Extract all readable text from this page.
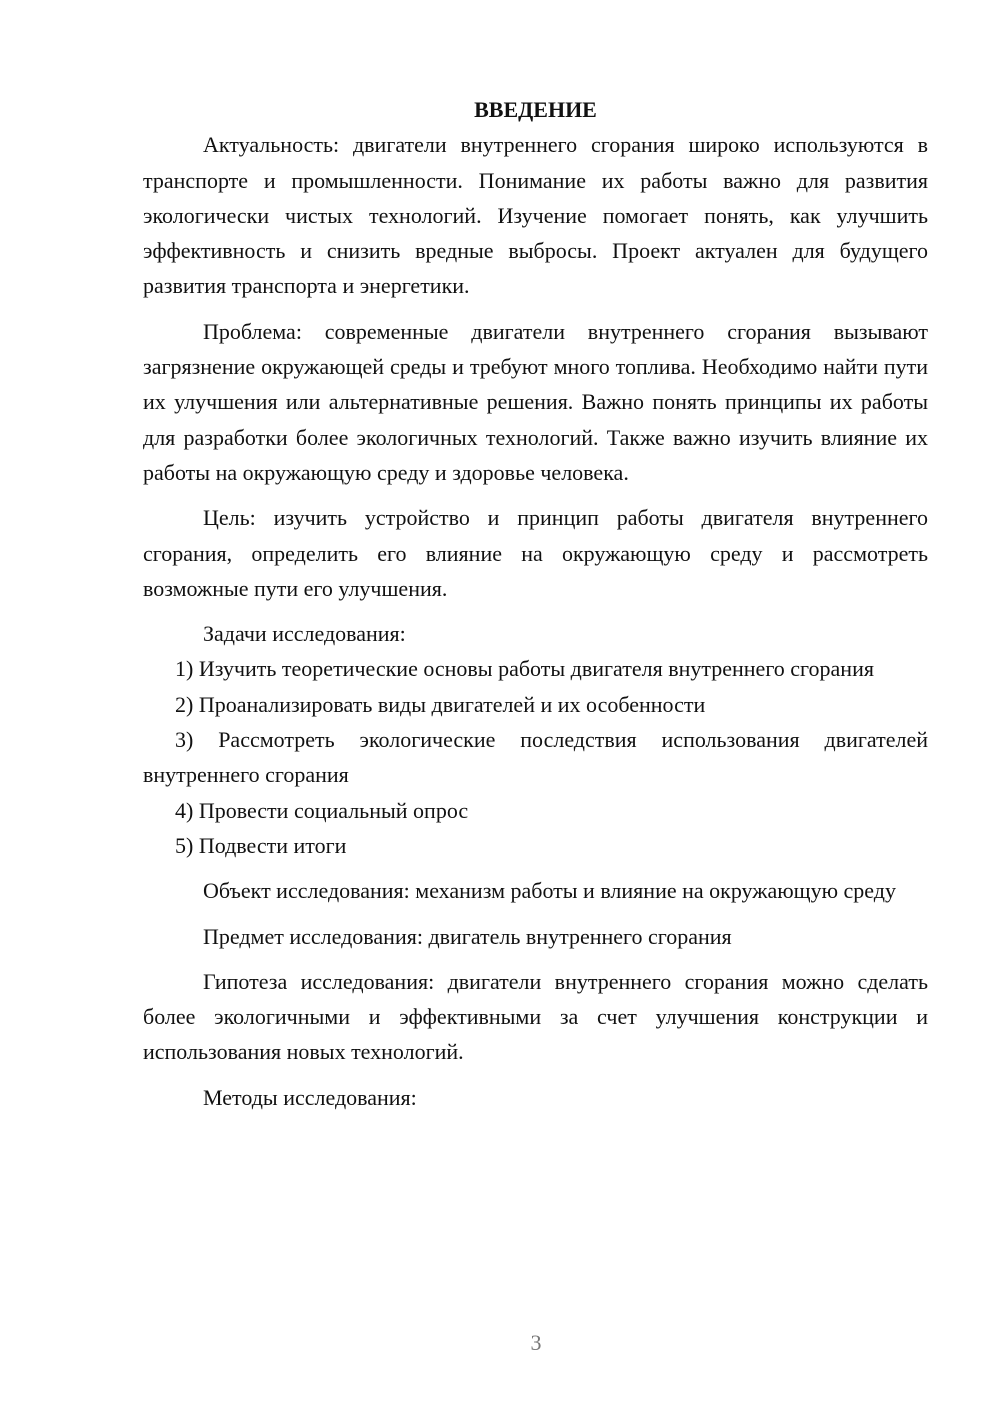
ВВЕДЕНИЕ

Актуальность: двигатели внутреннего сгорания широко используются в транспорте и промышленности. Понимание их работы важно для развития экологически чистых технологий. Изучение помогает понять, как улучшить эффективность и снизить вредные выбросы. Проект актуален для будущего развития транспорта и энергетики.

Проблема: современные двигатели внутреннего сгорания вызывают загрязнение окружающей среды и требуют много топлива. Необходимо найти пути их улучшения или альтернативные решения. Важно понять принципы их работы для разработки более экологичных технологий. Также важно изучить влияние их работы на окружающую среду и здоровье человека.

Цель: изучить устройство и принцип работы двигателя внутреннего сгорания, определить его влияние на окружающую среду и рассмотреть возможные пути его улучшения.

Задачи исследования:

1) Изучить теоретические основы работы двигателя внутреннего сгорания

2) Проанализировать виды двигателей и их особенности

3) Рассмотреть экологические последствия использования двигателей внутреннего сгорания

4) Провести социальный опрос

5) Подвести итоги

Объект исследования: механизм работы и влияние на окружающую среду

Предмет исследования: двигатель внутреннего сгорания

Гипотеза исследования: двигатели внутреннего сгорания можно сделать более экологичными и эффективными за счет улучшения конструкции и использования новых технологий.

Методы исследования:

3
